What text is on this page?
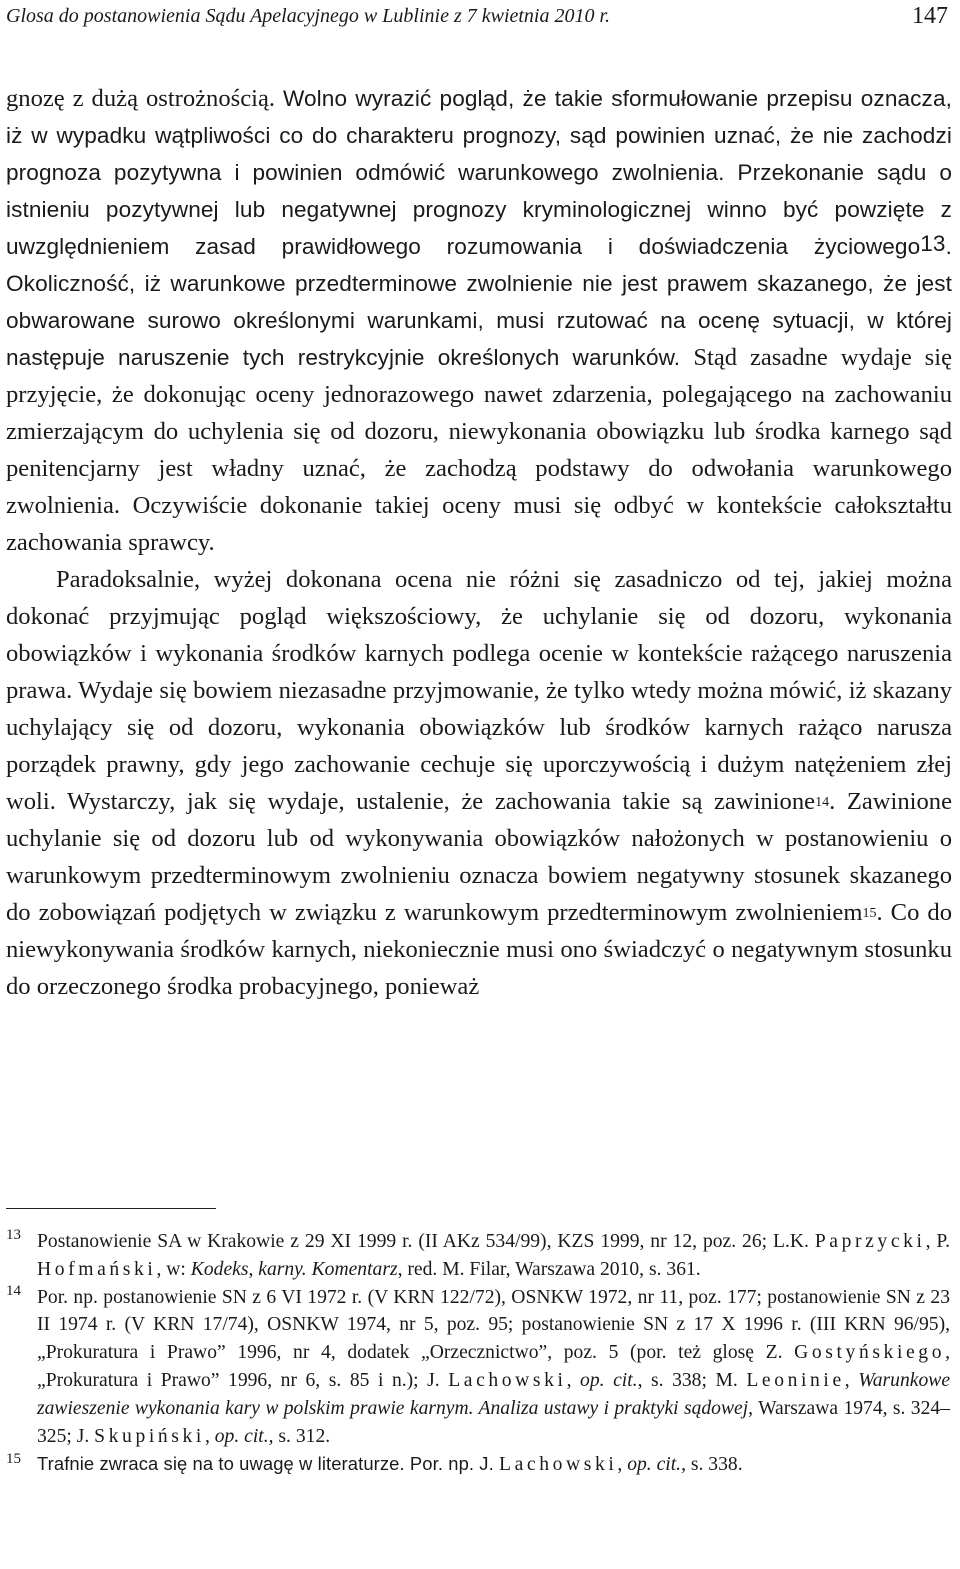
Glosa do postanowienia Sądu Apelacyjnego w Lublinie z 7 kwietnia 2010 r.	147

gnozę z dużą ostrożnością. Wolno wyrazić pogląd, że takie sformułowanie przepisu oznacza, iż w wypadku wątpliwości co do charakteru prognozy, sąd powinien uznać, że nie zachodzi prognoza pozytywna i powinien odmówić warunkowego zwolnienia. Przekonanie sądu o istnieniu pozytywnej lub negatywnej prognozy kryminologicznej winno być powzięte z uwzględnieniem zasad prawidłowego rozumowania i doświadczenia życiowego$^{13}$. Okoliczność, iż warunkowe przedterminowe zwolnienie nie jest prawem skazanego, że jest obwarowane surowo określonymi warunkami, musi rzutować na ocenę sytuacji, w której następuje naruszenie tych restrykcyjnie określonych warunków. Stąd zasadne wydaje się przyjęcie, że dokonując oceny jednorazowego nawet zdarzenia, polegającego na zachowaniu zmierzającym do uchylenia się od dozoru, niewykonania obowiązku lub środka karnego sąd penitencjarny jest władny uznać, że zachodzą podstawy do odwołania warunkowego zwolnienia. Oczywiście dokonanie takiej oceny musi się odbyć w kontekście całokształtu zachowania sprawcy.

Paradoksalnie, wyżej dokonana ocena nie różni się zasadniczo od tej, jakiej można dokonać przyjmując pogląd większościowy, że uchylanie się od dozoru, wykonania obowiązków i wykonania środków karnych podlega ocenie w kontekście rażącego naruszenia prawa. Wydaje się bowiem niezasadne przyjmowanie, że tylko wtedy można mówić, iż skazany uchylający się od dozoru, wykonania obowiązków lub środków karnych rażąco narusza porządek prawny, gdy jego zachowanie cechuje się uporczywością i dużym natężeniem złej woli. Wystarczy, jak się wydaje, ustalenie, że zachowania takie są zawinione$^{14}$. Zawinione uchylanie się od dozoru lub od wykonywania obowiązków nałożonych w postanowieniu o warunkowym przedterminowym zwolnieniu oznacza bowiem negatywny stosunek skazanego do zobowiązań podjętych w związku z warunkowym przedterminowym zwolnieniem$^{15}$. Co do niewykonywania środków karnych, niekoniecznie musi ono świadczyć o negatywnym stosunku do orzeczonego środka probacyjnego, ponieważ

13 Postanowienie SA w Krakowie z 29 XI 1999 r. (II AKz 534/99), KZS 1999, nr 12, poz. 26; L.K. Paprzycki, P. Hofmański, w: Kodeks, karny. Komentarz, red. M. Filar, Warszawa 2010, s. 361.
14 Por. np. postanowienie SN z 6 VI 1972 r. (V KRN 122/72), OSNKW 1972, nr 11, poz. 177; postanowienie SN z 23 II 1974 r. (V KRN 17/74), OSNKW 1974, nr 5, poz. 95; postanowienie SN z 17 X 1996 r. (III KRN 96/95), „Prokuratura i Prawo” 1996, nr 4, dodatek „Orzecznictwo”, poz. 5 (por. też glosę Z. Gostyńskiego, „Prokuratura i Prawo” 1996, nr 6, s. 85 i n.); J. Lachowski, op. cit., s. 338; M. Leoninie, Warunkowe zawieszenie wykonania kary w polskim prawie karnym. Analiza ustawy i praktyki sądowej, Warszawa 1974, s. 324–325; J. Skupiński, op. cit., s. 312.
15 Trafnie zwraca się na to uwagę w literaturze. Por. np. J. Lachowski, op. cit., s. 338.
